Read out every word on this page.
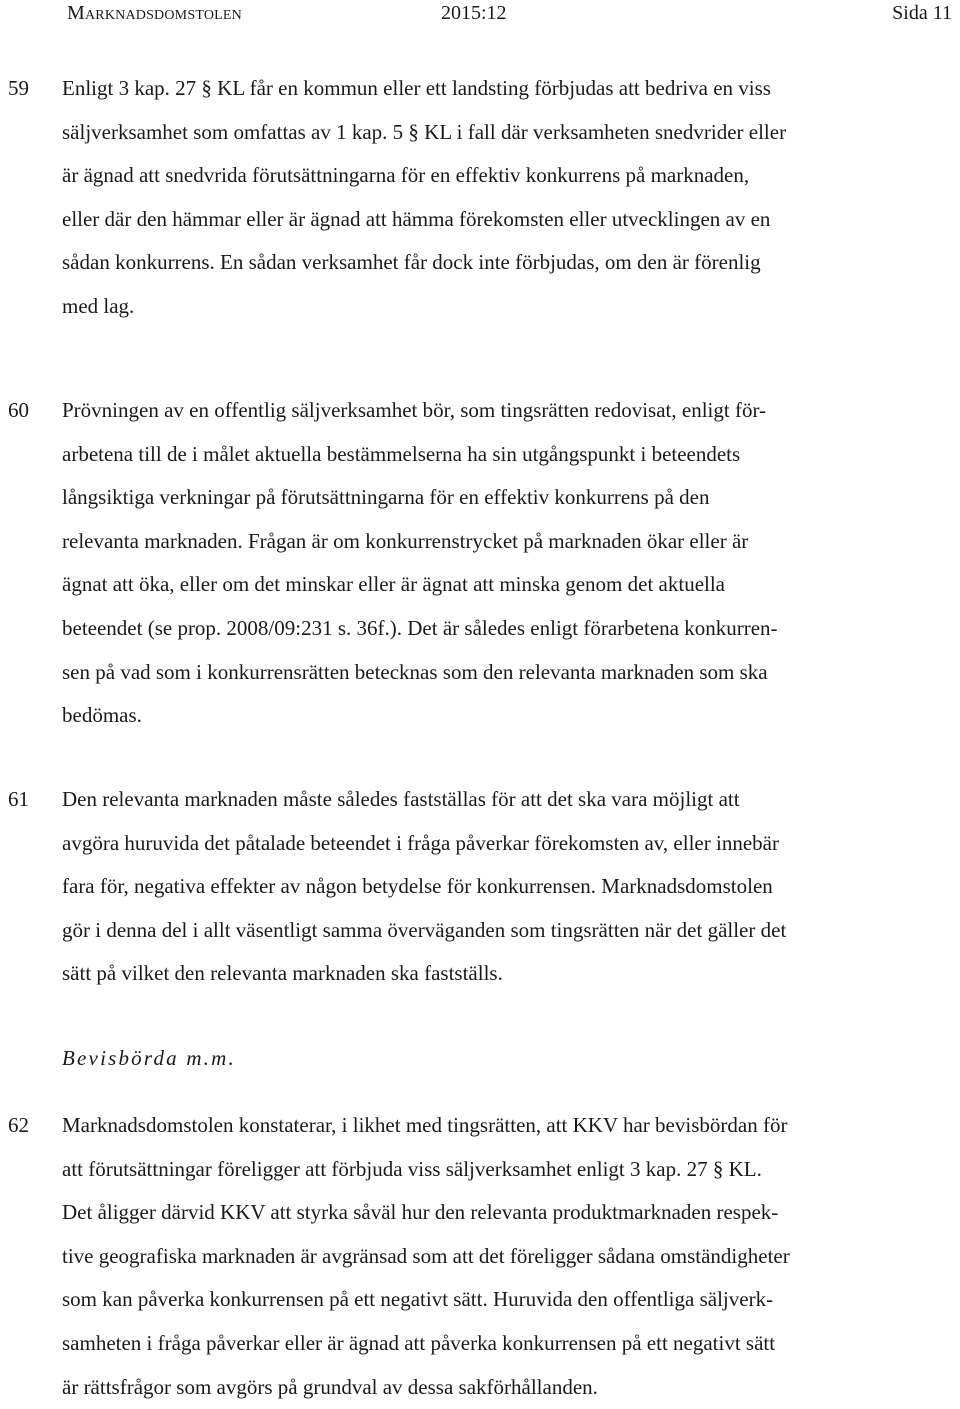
Marknadsdomstolen	2015:12	Sida 11
59 Enligt 3 kap. 27 § KL får en kommun eller ett landsting förbjudas att bedriva en viss
säljverksamhet som omfattas av 1 kap. 5 § KL i fall där verksamheten snedvrider eller
är ägnad att snedvrida förutsättningarna för en effektiv konkurrens på marknaden,
eller där den hämmar eller är ägnad att hämma förekomsten eller utvecklingen av en
sådan konkurrens. En sådan verksamhet får dock inte förbjudas, om den är förenlig
med lag.
60 Prövningen av en offentlig säljverksamhet bör, som tingsrätten redovisat, enligt för-
arbetena till de i målet aktuella bestämmelserna ha sin utgångspunkt i beteendets
långsiktiga verkningar på förutsättningarna för en effektiv konkurrens på den
relevanta marknaden. Frågan är om konkurrenstrycket på marknaden ökar eller är
ägnat att öka, eller om det minskar eller är ägnat att minska genom det aktuella
beteendet (se prop. 2008/09:231 s. 36f.). Det är således enligt förarbetena konkurren-
sen på vad som i konkurrensrätten betecknas som den relevanta marknaden som ska
bedömas.
61 Den relevanta marknaden måste således fastställas för att det ska vara möjligt att
avgöra huruvida det påtalade beteendet i fråga påverkar förekomsten av, eller innebär
fara för, negativa effekter av någon betydelse för konkurrensen. Marknadsdomstolen
gör i denna del i allt väsentligt samma överväganden som tingsrätten när det gäller det
sätt på vilket den relevanta marknaden ska fastställs.
Bevisbörda m.m.
62 Marknadsdomstolen konstaterar, i likhet med tingsrätten, att KKV har bevisbördan för
att förutsättningar föreligger att förbjuda viss säljverksamhet enligt 3 kap. 27 § KL.
Det åligger därvid KKV att styrka såväl hur den relevanta produktmarknaden respek-
tive geografiska marknaden är avgränsad som att det föreligger sådana omständigheter
som kan påverka konkurrensen på ett negativt sätt. Huruvida den offentliga säljverk-
samheten i fråga påverkar eller är ägnad att påverka konkurrensen på ett negativt sätt
är rättsfrågor som avgörs på grundval av dessa sakförhållanden.
